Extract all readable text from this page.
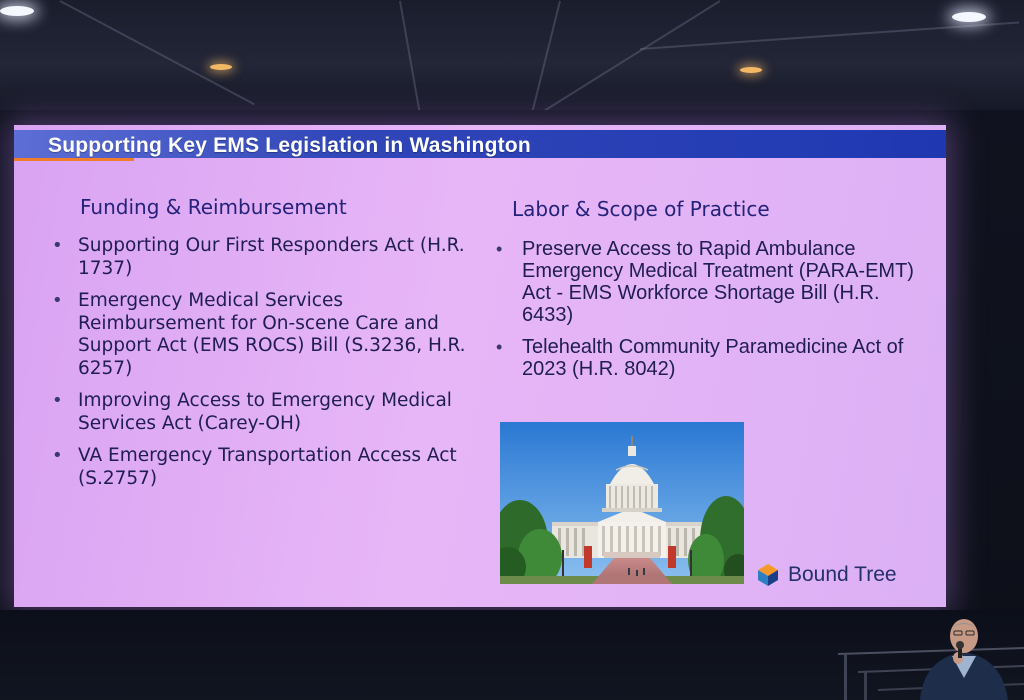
Supporting Key EMS Legislation in Washington
Funding & Reimbursement
• Supporting Our First Responders Act (H.R. 1737)
• Emergency Medical Services Reimbursement for On-scene Care and Support Act (EMS ROCS) Bill (S.3236, H.R. 6257)
• Improving Access to Emergency Medical Services Act (Carey-OH)
• VA Emergency Transportation Access Act (S.2757)
Labor & Scope of Practice
• Preserve Access to Rapid Ambulance Emergency Medical Treatment (PARA-EMT) Act - EMS Workforce Shortage Bill (H.R. 6433)
• Telehealth Community Paramedicine Act of 2023 (H.R. 8042)
Bound Tree
